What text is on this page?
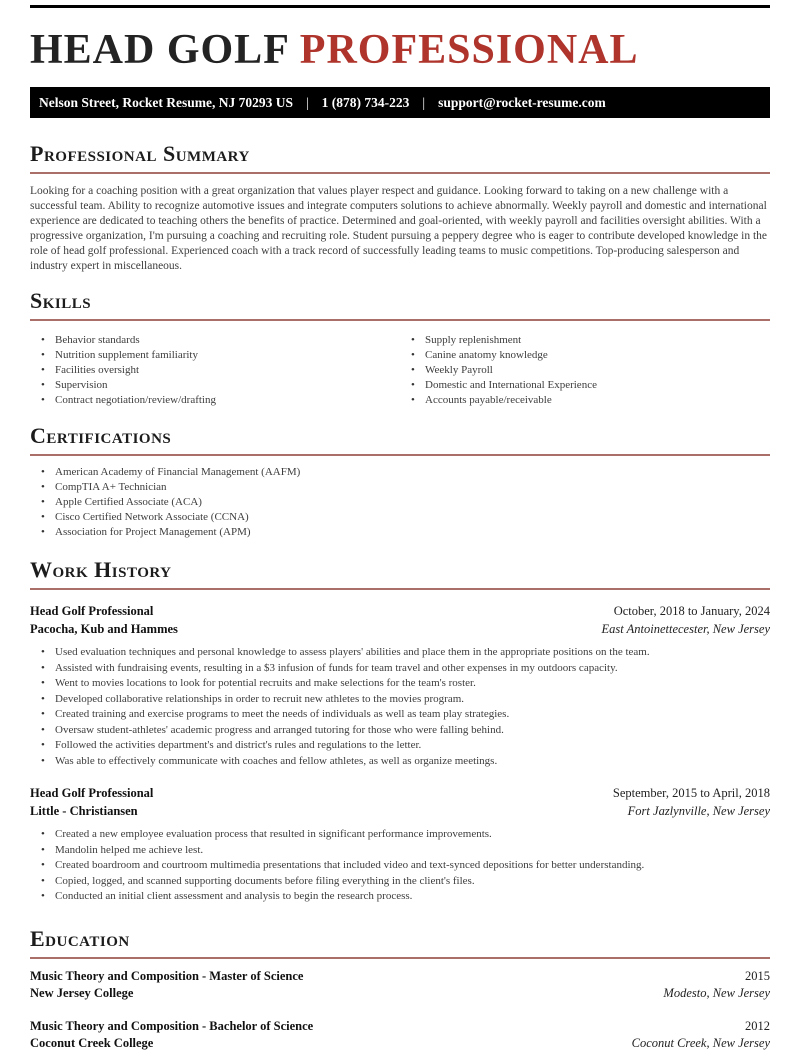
HEAD GOLF PROFESSIONAL
Nelson Street, Rocket Resume, NJ 70293 US | 1 (878) 734-223 | support@rocket-resume.com
Professional Summary

Looking for a coaching position with a great organization that values player respect and guidance. Looking forward to taking on a new challenge with a successful team. Ability to recognize automotive issues and integrate computers solutions to achieve abnormally. Weekly payroll and domestic and international experience are dedicated to teaching others the benefits of practice. Determined and goal-oriented, with weekly payroll and facilities oversight abilities. With a progressive organization, I'm pursuing a coaching and recruiting role. Student pursuing a peppery degree who is eager to contribute developed knowledge in the role of head golf professional. Experienced coach with a track record of successfully leading teams to music competitions. Top-producing salesperson and industry expert in miscellaneous.

Skills
• Behavior standards
• Nutrition supplement familiarity
• Facilities oversight
• Supervision
• Contract negotiation/review/drafting
• Supply replenishment
• Canine anatomy knowledge
• Weekly Payroll
• Domestic and International Experience
• Accounts payable/receivable
Certifications
• American Academy of Financial Management (AAFM)
• CompTIA A+ Technician
• Apple Certified Associate (ACA)
• Cisco Certified Network Associate (CCNA)
• Association for Project Management (APM)
Work History
Head Golf Professional	October, 2018 to January, 2024
Pacocha, Kub and Hammes	East Antoinettecester, New Jersey
• Used evaluation techniques and personal knowledge to assess players' abilities and place them in the appropriate positions on the team.
• Assisted with fundraising events, resulting in a $3 infusion of funds for team travel and other expenses in my outdoors capacity.
• Went to movies locations to look for potential recruits and make selections for the team's roster.
• Developed collaborative relationships in order to recruit new athletes to the movies program.
• Created training and exercise programs to meet the needs of individuals as well as team play strategies.
• Oversaw student-athletes' academic progress and arranged tutoring for those who were falling behind.
• Followed the activities department's and district's rules and regulations to the letter.
• Was able to effectively communicate with coaches and fellow athletes, as well as organize meetings.
Head Golf Professional	September, 2015 to April, 2018
Little - Christiansen	Fort Jazlynville, New Jersey
• Created a new employee evaluation process that resulted in significant performance improvements.
• Mandolin helped me achieve lest.
• Created boardroom and courtroom multimedia presentations that included video and text-synced depositions for better understanding.
• Copied, logged, and scanned supporting documents before filing everything in the client's files.
• Conducted an initial client assessment and analysis to begin the research process.
Education
Music Theory and Composition - Master of Science	2015
New Jersey College	Modesto, New Jersey
Music Theory and Composition - Bachelor of Science	2012
Coconut Creek College	Coconut Creek, New Jersey
